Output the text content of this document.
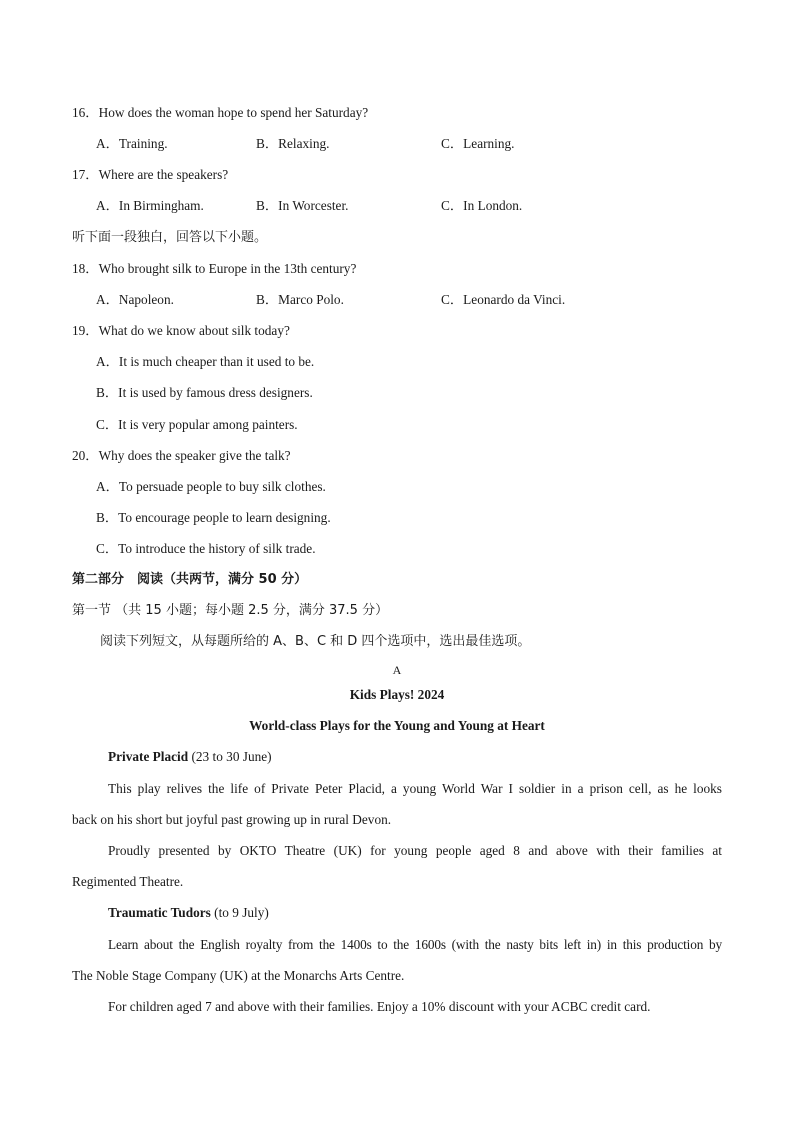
16．How does the woman hope to spend her Saturday?
A．Training.	B．Relaxing.	C．Learning.
17．Where are the speakers?
A．In Birmingham.	B．In Worcester.	C．In London.
听下面一段独白，回答以下小题。
18．Who brought silk to Europe in the 13th century?
A．Napoleon.	B．Marco Polo.	C．Leonardo da Vinci.
19．What do we know about silk today?
A．It is much cheaper than it used to be.
B．It is used by famous dress designers.
C．It is very popular among painters.
20．Why does the speaker give the talk?
A．To persuade people to buy silk clothes.
B．To encourage people to learn designing.
C．To introduce the history of silk trade.
第二部分　阅读（共两节，满分 50 分）
第一节 （共 15 小题；每小题 2.5 分，满分 37.5 分）
阅读下列短文，从每题所给的 A、B、C 和 D 四个选项中，选出最佳选项。
A
Kids Plays! 2024
World-class Plays for the Young and Young at Heart
Private Placid (23 to 30 June)
This play relives the life of Private Peter Placid, a young World War I soldier in a prison cell, as he looks
back on his short but joyful past growing up in rural Devon.
Proudly presented by OKTO Theatre (UK) for young people aged 8 and above with their families at
Regimented Theatre.
Traumatic Tudors (to 9 July)
Learn about the English royalty from the 1400s to the 1600s (with the nasty bits left in) in this production by
The Noble Stage Company (UK) at the Monarchs Arts Centre.
For children aged 7 and above with their families. Enjoy a 10% discount with your ACBC credit card.
